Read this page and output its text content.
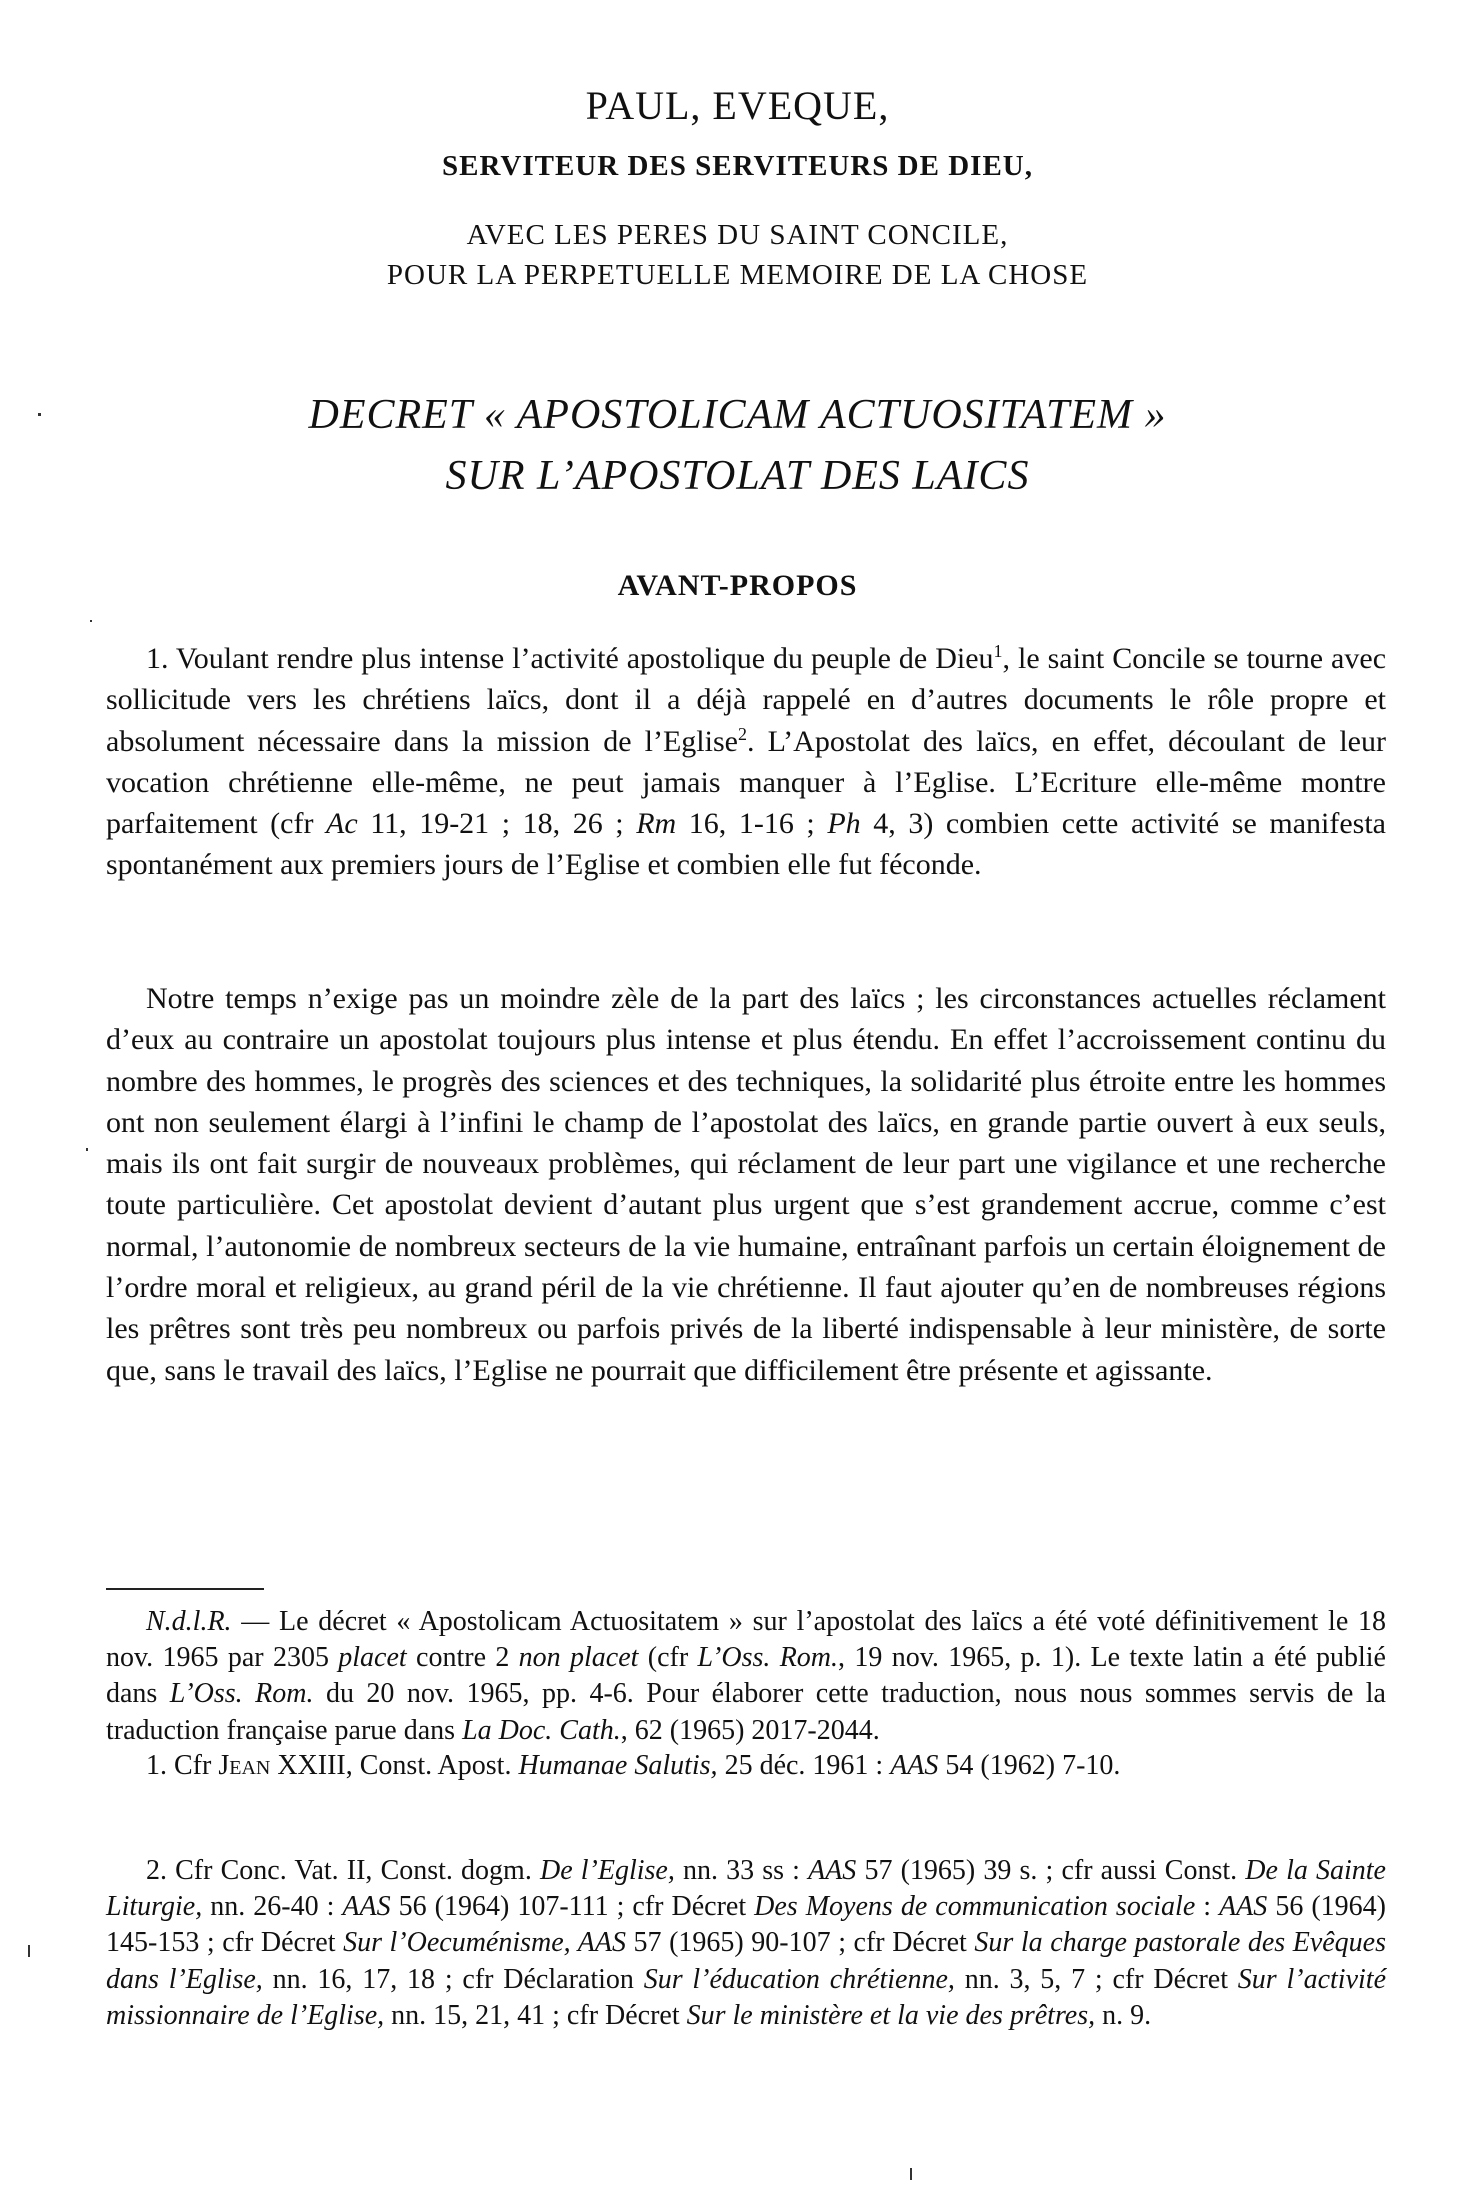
PAUL, EVEQUE,
SERVITEUR DES SERVITEURS DE DIEU,
AVEC LES PERES DU SAINT CONCILE,
POUR LA PERPETUELLE MEMOIRE DE LA CHOSE
DECRET « APOSTOLICAM ACTUOSITATEM »
SUR L’APOSTOLAT DES LAICS
AVANT-PROPOS

1. Voulant rendre plus intense l’activité apostolique du peuple de Dieu$^1$, le saint Concile se tourne avec sollicitude vers les chrétiens laïcs, dont il a déjà rappelé en d’autres documents le rôle propre et absolument nécessaire dans la mission de l’Eglise$^2$. L’Apostolat des laïcs, en effet, découlant de leur vocation chrétienne elle-même, ne peut jamais manquer à l’Eglise. L’Ecriture elle-même montre parfaitement (cfr Ac 11, 19-21 ; 18, 26 ; Rm 16, 1-16 ; Ph 4, 3) combien cette activité se manifesta spontanément aux premiers jours de l’Eglise et combien elle fut féconde.

Notre temps n’exige pas un moindre zèle de la part des laïcs ; les circonstances actuelles réclament d’eux au contraire un apostolat toujours plus intense et plus étendu. En effet l’accroissement continu du nombre des hommes, le progrès des sciences et des techniques, la solidarité plus étroite entre les hommes ont non seulement élargi à l’infini le champ de l’apostolat des laïcs, en grande partie ouvert à eux seuls, mais ils ont fait surgir de nouveaux problèmes, qui réclament de leur part une vigilance et une recherche toute particulière. Cet apostolat devient d’autant plus urgent que s’est grandement accrue, comme c’est normal, l’autonomie de nombreux secteurs de la vie humaine, entraînant parfois un certain éloignement de l’ordre moral et religieux, au grand péril de la vie chrétienne. Il faut ajouter qu’en de nombreuses régions les prêtres sont très peu nombreux ou parfois privés de la liberté indispensable à leur ministère, de sorte que, sans le travail des laïcs, l’Eglise ne pourrait que difficilement être présente et agissante.

N.d.l.R. — Le décret « Apostolicam Actuositatem » sur l’apostolat des laïcs a été voté définitivement le 18 nov. 1965 par 2305 placet contre 2 non placet (cfr L’Oss. Rom., 19 nov. 1965, p. 1). Le texte latin a été publié dans L’Oss. Rom. du 20 nov. 1965, pp. 4-6. Pour élaborer cette traduction, nous nous sommes servis de la traduction française parue dans La Doc. Cath., 62 (1965) 2017-2044.

1. Cfr Jean XXIII, Const. Apost. Humanae Salutis, 25 déc. 1961 : AAS 54 (1962) 7-10.

2. Cfr Conc. Vat. II, Const. dogm. De l’Eglise, nn. 33 ss : AAS 57 (1965) 39 s. ; cfr aussi Const. De la Sainte Liturgie, nn. 26-40 : AAS 56 (1964) 107-111 ; cfr Décret Des Moyens de communication sociale : AAS 56 (1964) 145-153 ; cfr Décret Sur l’Oecuménisme, AAS 57 (1965) 90-107 ; cfr Décret Sur la charge pastorale des Evêques dans l’Eglise, nn. 16, 17, 18 ; cfr Déclaration Sur l’éducation chrétienne, nn. 3, 5, 7 ; cfr Décret Sur l’activité missionnaire de l’Eglise, nn. 15, 21, 41 ; cfr Décret Sur le ministère et la vie des prêtres, n. 9.
